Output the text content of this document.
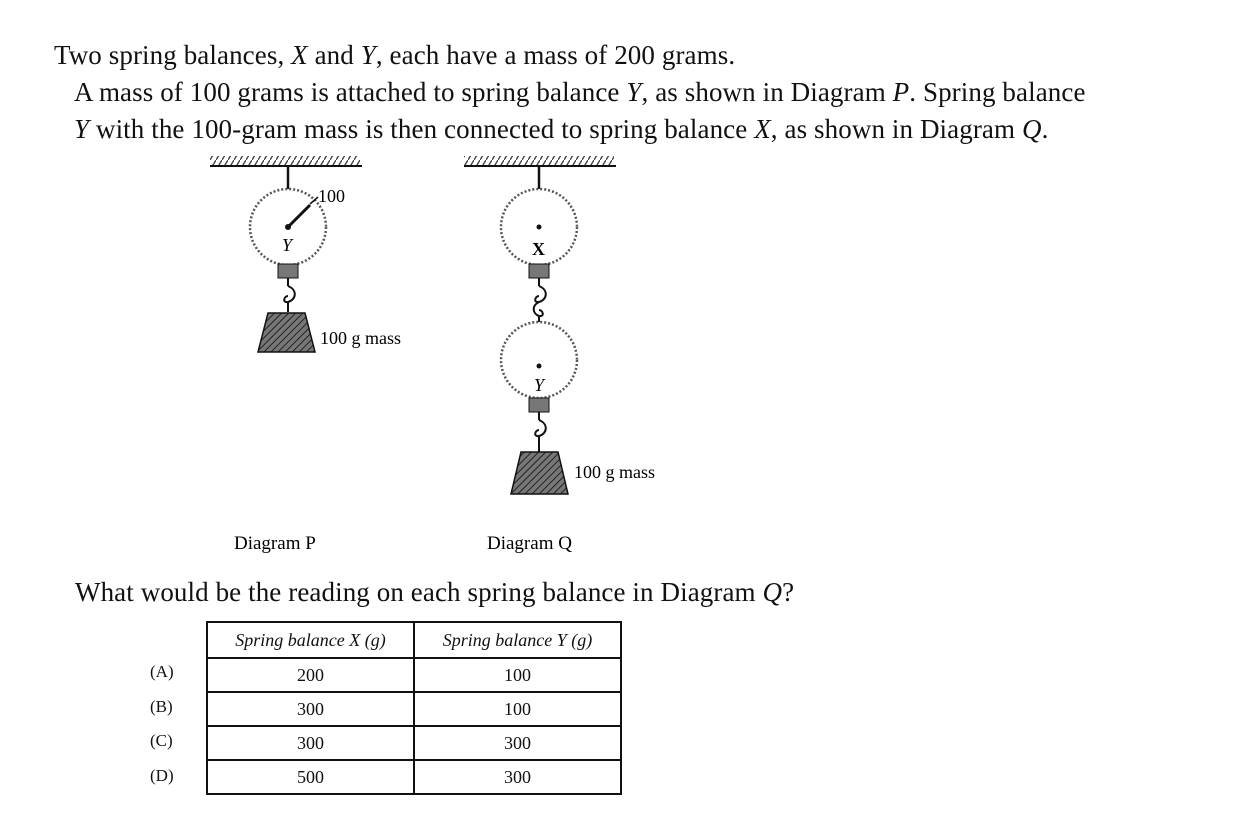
Two spring balances, X and Y, each have a mass of 200 grams.
A mass of 100 grams is attached to spring balance Y, as shown in Diagram P. Spring balance
Y with the 100-gram mass is then connected to spring balance X, as shown in Diagram Q.
100
Y
100 g mass
Diagram P
X
Y
100 g mass
Diagram Q
What would be the reading on each spring balance in Diagram Q?
(A)
(B)
(C)
(D)
Spring balance X (g)	Spring balance Y (g)
200	100
300	100
300	300
500	300
